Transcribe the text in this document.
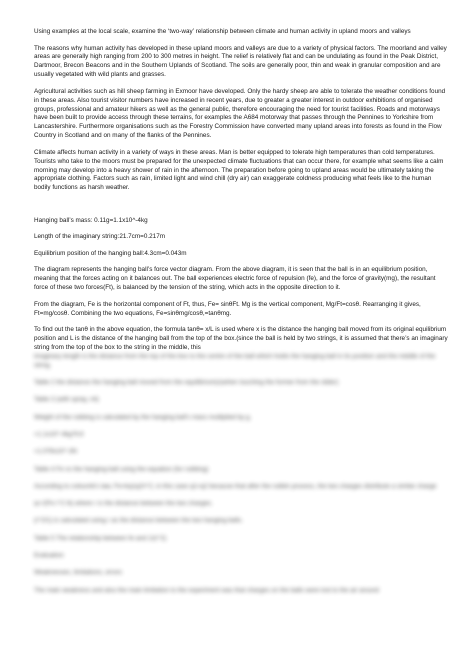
Using examples at the local scale, examine the ‘two-way’ relationship between climate and human activity in upland moors and valleys

The reasons why human activity has developed in these upland moors and valleys are due to a variety of physical factors. The moorland and valley areas are generally high ranging from 200 to 300 metres in height. The relief is relatively flat and can be undulating as found in the Peak District, Dartmoor, Brecon Beacons and in the Southern Uplands of Scotland. The soils are generally poor, thin and weak in granular composition and are usually vegetated with wild plants and grasses.

Agricultural activities such as hill sheep farming in Exmoor have developed. Only the hardy sheep are able to tolerate the weather conditions found in these areas. Also tourist visitor numbers have increased in recent years, due to greater a greater interest in outdoor exhibitions of organised groups, professional and amateur hikers as well as the general public, therefore encouraging the need for tourist facilities. Roads and motorways have been built to provide access through these terrains, for examples the A684 motorway that passes through the Pennines to Yorkshire from Lancastershire. Furthermore organisations such as the Forestry Commission have converted many upland areas into forests as found in the Flow Country in Scotland and on many of the flanks of the Pennines.

Climate affects human activity in a variety of ways in these areas. Man is better equipped to tolerate high temperatures than cold temperatures. Tourists who take to the moors must be prepared for the unexpected climate fluctuations that can occur there, for example what seems like a calm morning may develop into a heavy shower of rain in the afternoon. The preparation before going to upland areas would be ultimately taking the appropriate clothing. Factors such as rain, limited light and wind chill (dry air) can exaggerate coldness producing what feels like to the human bodily functions as harsh weather.

Hanging ball’s mass: 0.11g=1.1x10^-4kg

Length of the imaginary string:21.7cm=0.217m

Equilibrium position of the hanging ball:4.3cm=0.043m

The diagram represents the hanging ball’s force vector diagram. From the above diagram, it is seen that the ball is in an equilibrium position, meaning that the forces acting on it balances out. The ball experiences electric force of repulsion (fe), and the force of gravity(mg), the resultant force of these two forces(Ft), is balanced by the tension of the string, which acts in the opposite direction to it.

From the diagram, Fe is the horizontal component of Ft, thus, Fe= sinθFt. Mg is the vertical component, Mg/Ft=cosθ. Rearranging it gives, Ft=mg/cosθ. Combining the two equations, Fe=sinθmg/cosθ,=tanθmg.

To find out the tanθ in the above equation, the formula tanθ= x/L is used where x is the distance the hanging ball moved from its original equilibrium position and L is the distance of the hanging ball from the top of the box.(since the ball is held by two strings, it is assumed that there’s an imaginary string from the top of the box to the string in the middle, this

imaginary length is the distance from the top of the box to the centre of the ball which holds the hanging ball in its position and the middle of the string.

Table 2 the distance the hanging ball moved from the equilibrium(x)when touching the former from the slider)

Table 3 (with spray, ml)

Weight of the rubbing is calculated by the hanging ball’s mass multiplied by g.

=1.1x10^-4kg*9.8

=1.078x10^-3N

Table 4 Fe vs the hanging ball using the equation (for rubbing)

According to coloumb’s law, Fe=kq1q2/r^2, in this case q1=q2 because that after the rubbin process, the two charges distribute a similar charge

q=√(Fe r^2 /k) where r is the distance between the two charges.

(r^2/1) is calculated using r as the distance between the two hanging balls.

Table 5 The relationship between fe and 1/(r^2)

Evaluation

Weaknesses, limitations, errors

The main weakness and also the main limitation to the experiment was that charges on the balls were lost to the air around
